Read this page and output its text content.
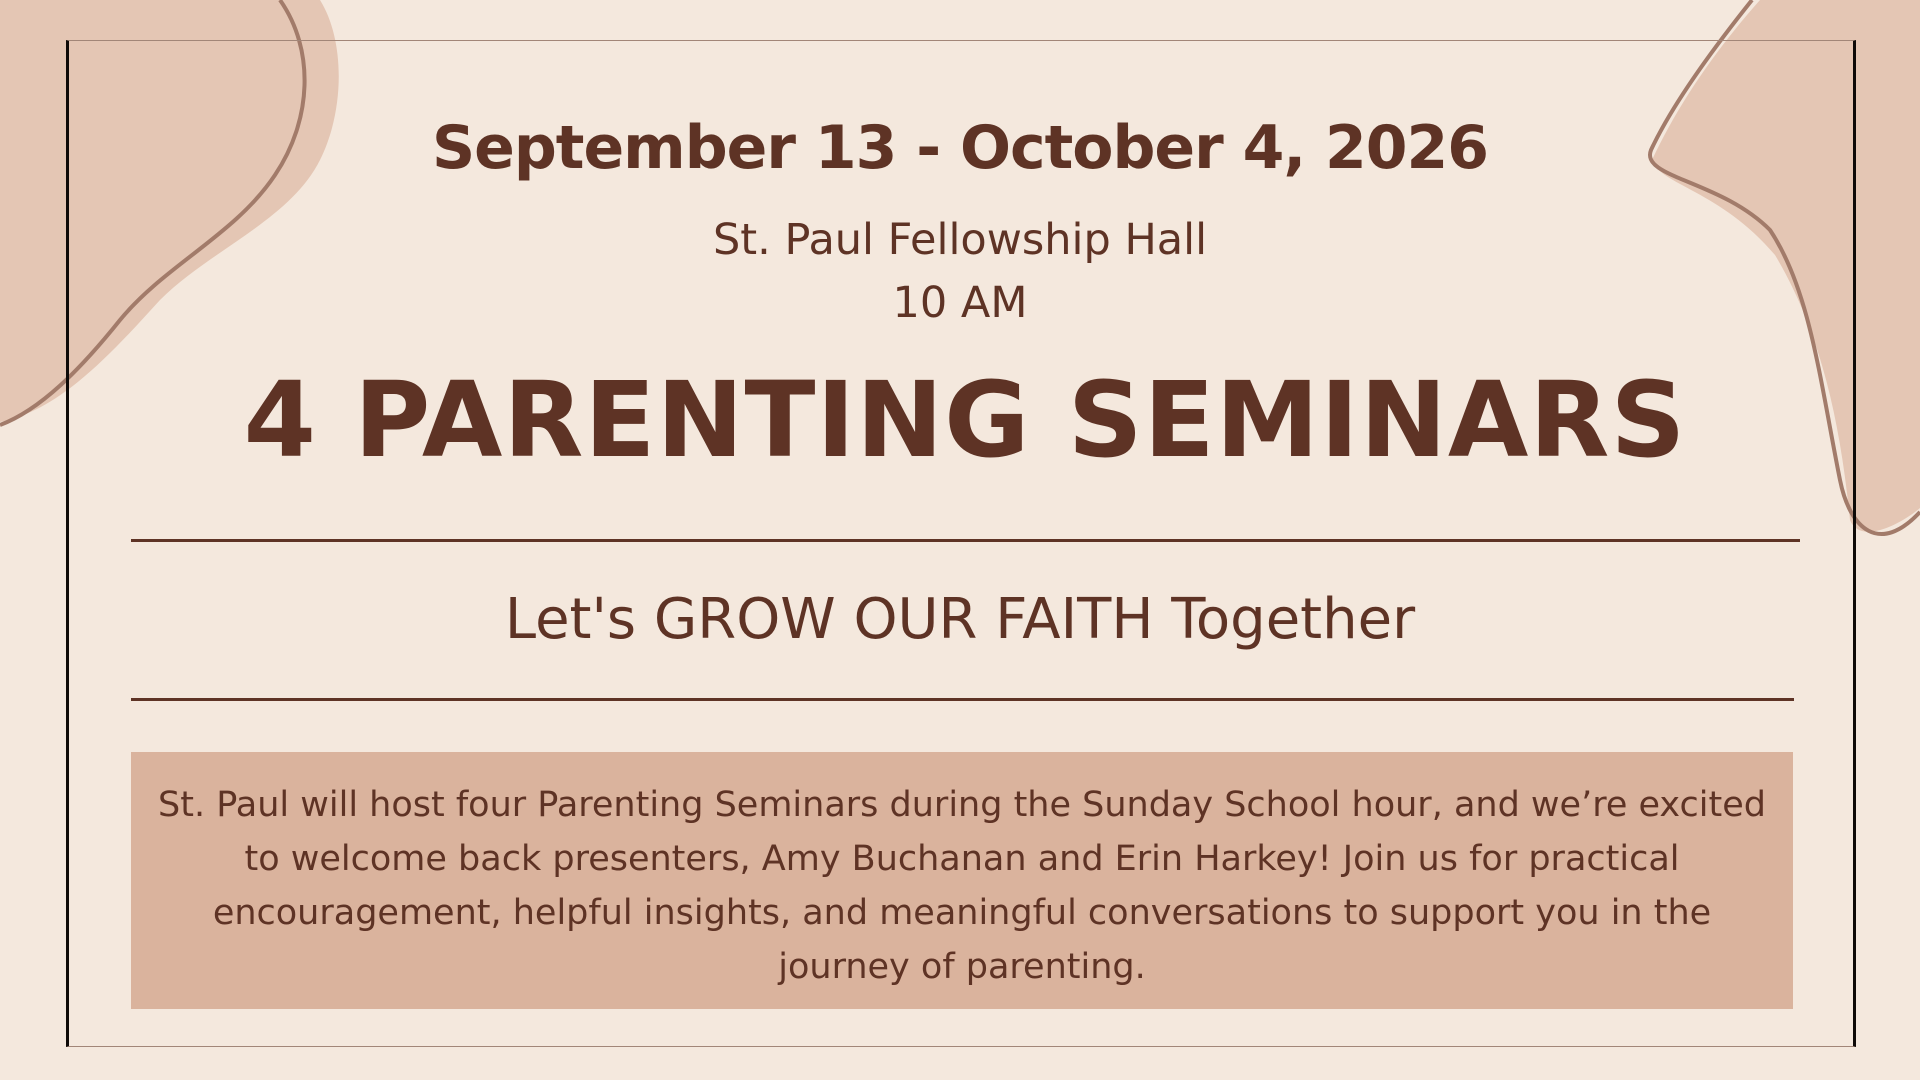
September 13 - October 4, 2026
St. Paul Fellowship Hall
10 AM
4 PARENTING SEMINARS
Let's GROW OUR FAITH Together

St. Paul will host four Parenting Seminars during the Sunday School hour, and we’re excited to welcome back presenters, Amy Buchanan and Erin Harkey! Join us for practical encouragement, helpful insights, and meaningful conversations to support you in the journey of parenting.
